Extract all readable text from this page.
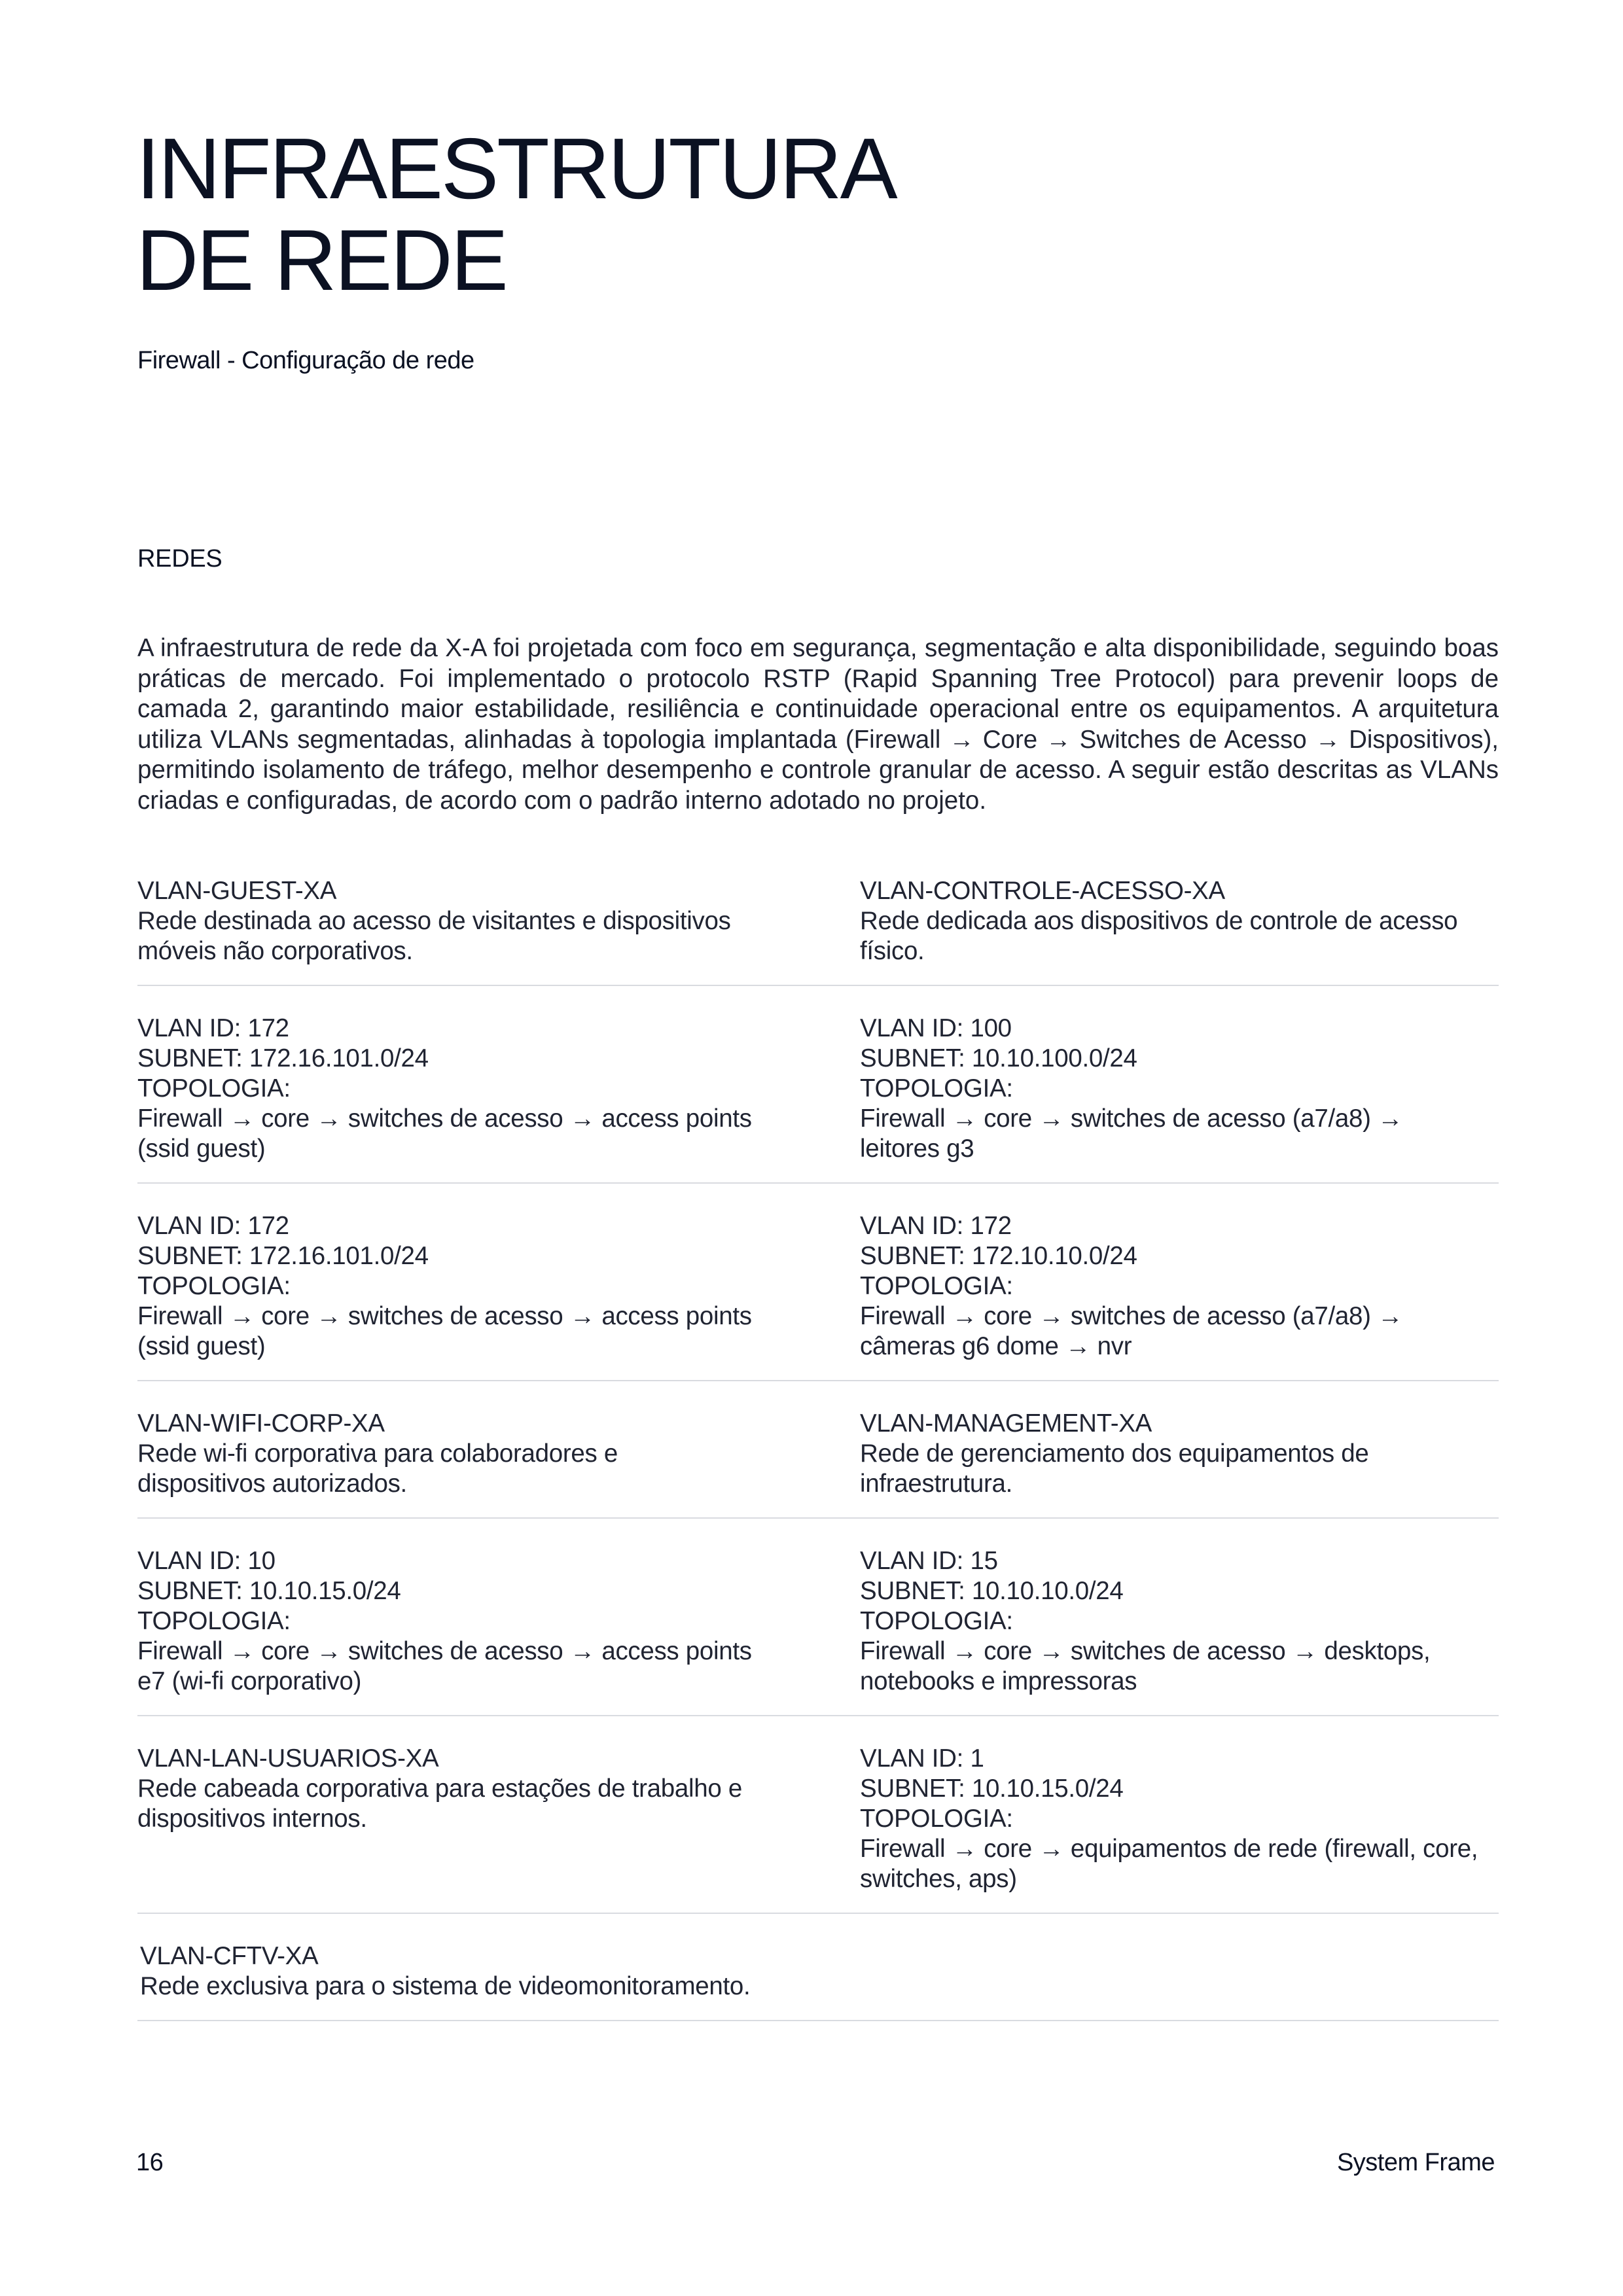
INFRAESTRUTURA
DE REDE
Firewall - Configuração de rede
REDES

A infraestrutura de rede da X-A foi projetada com foco em segurança, segmentação e alta disponibilidade, seguindo boas práticas de mercado. Foi implementado o protocolo RSTP (Rapid Spanning Tree Protocol) para prevenir loops de camada 2, garantindo maior estabilidade, resiliência e continuidade operacional entre os equipamentos. A arquitetura utiliza VLANs segmentadas, alinhadas à topologia implantada (Firewall → Core → Switches de Acesso → Dispositivos), permitindo isolamento de tráfego, melhor desempenho e controle granular de acesso. A seguir estão descritas as VLANs criadas e configuradas, de acordo com o padrão interno adotado no projeto.

VLAN-GUEST-XA
Rede destinada ao acesso de visitantes e dispositivos
móveis não corporativos.
VLAN-CONTROLE-ACESSO-XA
Rede dedicada aos dispositivos de controle de acesso
físico.
VLAN ID: 172
SUBNET: 172.16.101.0/24
TOPOLOGIA:
Firewall → core → switches de acesso → access points
(ssid guest)
VLAN ID: 100
SUBNET: 10.10.100.0/24
TOPOLOGIA:
Firewall → core → switches de acesso (a7/a8) →
leitores g3
VLAN ID: 172
SUBNET: 172.16.101.0/24
TOPOLOGIA:
Firewall → core → switches de acesso → access points
(ssid guest)
VLAN ID: 172
SUBNET: 172.10.10.0/24
TOPOLOGIA:
Firewall → core → switches de acesso (a7/a8) →
câmeras g6 dome → nvr
VLAN-WIFI-CORP-XA
Rede wi-fi corporativa para colaboradores e
dispositivos autorizados.
VLAN-MANAGEMENT-XA
Rede de gerenciamento dos equipamentos de
infraestrutura.
VLAN ID: 10
SUBNET: 10.10.15.0/24
TOPOLOGIA:
Firewall → core → switches de acesso → access points
e7 (wi-fi corporativo)
VLAN ID: 15
SUBNET: 10.10.10.0/24
TOPOLOGIA:
Firewall → core → switches de acesso → desktops,
notebooks e impressoras
VLAN-LAN-USUARIOS-XA
Rede cabeada corporativa para estações de trabalho e
dispositivos internos.
VLAN ID: 1
SUBNET: 10.10.15.0/24
TOPOLOGIA:
Firewall → core → equipamentos de rede (firewall, core,
switches, aps)
VLAN-CFTV-XA
Rede exclusiva para o sistema de videomonitoramento.
16	System Frame
